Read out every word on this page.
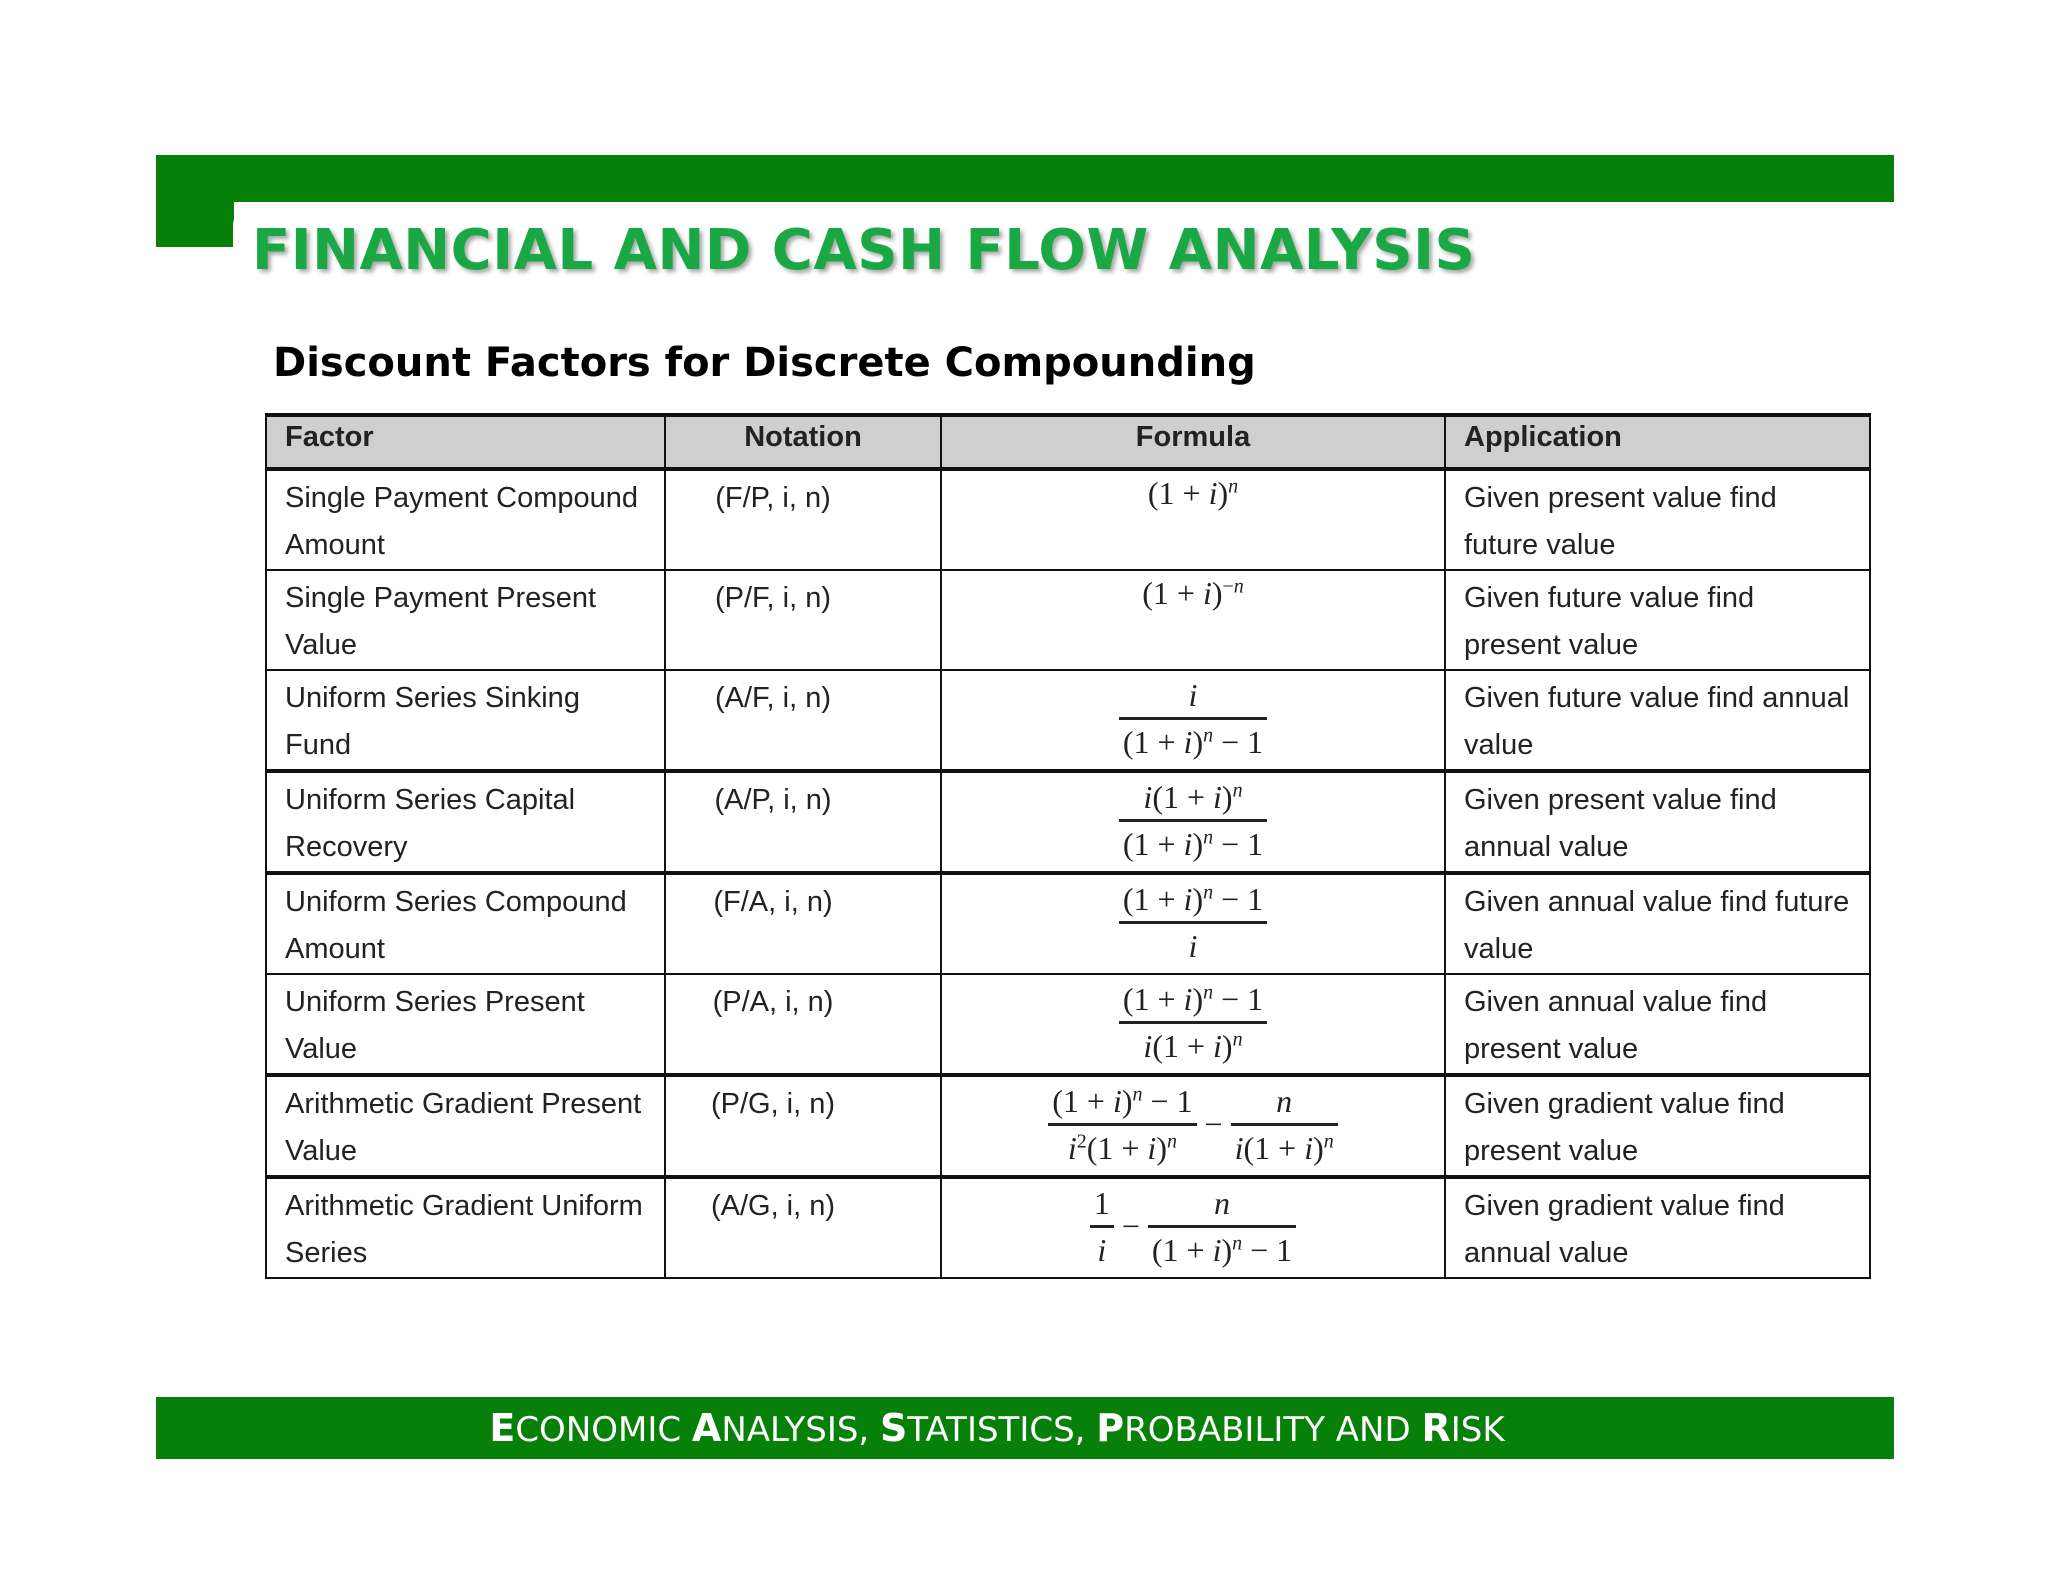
FINANCIAL AND CASH FLOW ANALYSIS
Discount Factors for Discrete Compounding
Factor	Notation	Formula	Application
Single Payment Compound Amount	(F/P, i, n)	$(1 + i)^n$	Given present value find future value
Single Payment Present Value	(P/F, i, n)	$(1 + i)^{-n}$	Given future value find present value
Uniform Series Sinking Fund	(A/F, i, n)	$\frac{i}{(1 + i)^n - 1}$	Given future value find annual value
Uniform Series Capital Recovery	(A/P, i, n)	$\frac{i(1 + i)^n}{(1 + i)^n - 1}$	Given present value find annual value
Uniform Series Compound Amount	(F/A, i, n)	$\frac{(1 + i)^n - 1}{i}$	Given annual value find future value
Uniform Series Present Value	(P/A, i, n)	$\frac{(1 + i)^n - 1}{i(1 + i)^n}$	Given annual value find present value
Arithmetic Gradient Present Value	(P/G, i, n)	$\frac{(1 + i)^n - 1}{i^2(1 + i)^n} - \frac{n}{i(1 + i)^n}$	Given gradient value find present value
Arithmetic Gradient Uniform Series	(A/G, i, n)	$\frac{1}{i} - \frac{n}{(1 + i)^n - 1}$	Given gradient value find annual value
ECONOMIC ANALYSIS, STATISTICS, PROBABILITY AND RISK
